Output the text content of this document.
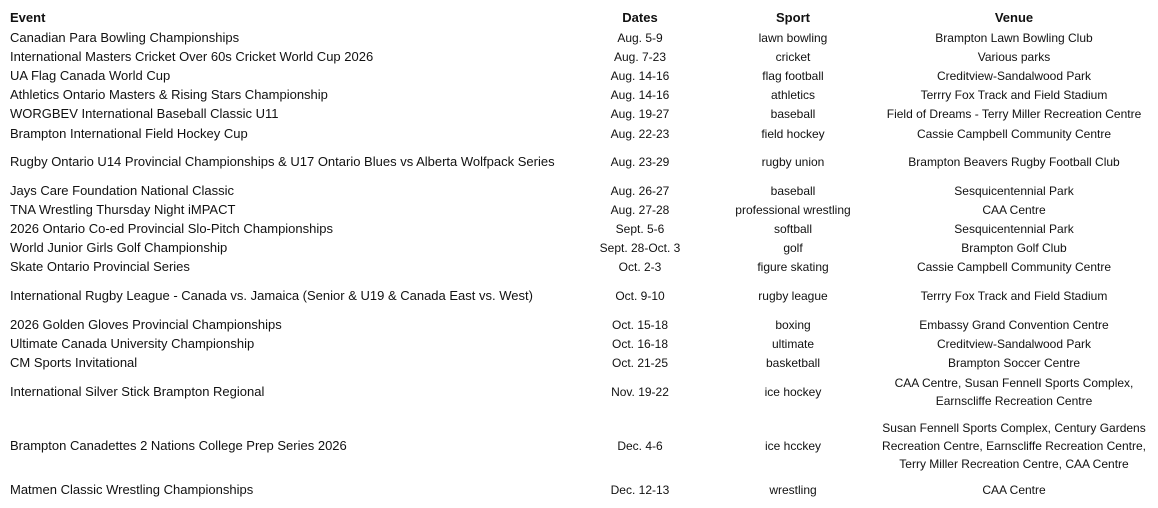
Event	Dates	Sport	Venue
Canadian Para Bowling Championships	Aug. 5-9	lawn bowling	Brampton Lawn Bowling Club
International Masters Cricket Over 60s Cricket World Cup 2026	Aug. 7-23	cricket	Various parks
UA Flag Canada World Cup	Aug. 14-16	flag football	Creditview-Sandalwood Park
Athletics Ontario Masters & Rising Stars Championship	Aug. 14-16	athletics	Terrry Fox Track and Field Stadium
WORGBEV International Baseball Classic U11	Aug. 19-27	baseball	Field of Dreams - Terry Miller Recreation Centre
Brampton International Field Hockey Cup	Aug. 22-23	field hockey	Cassie Campbell Community Centre
Rugby Ontario U14 Provincial Championships & U17 Ontario Blues vs Alberta Wolfpack Series	Aug. 23-29	rugby union	Brampton Beavers Rugby Football Club
Jays Care Foundation National Classic	Aug. 26-27	baseball	Sesquicentennial Park
TNA Wrestling Thursday Night iMPACT	Aug. 27-28	professional wrestling	CAA Centre
2026 Ontario Co-ed Provincial Slo-Pitch Championships	Sept. 5-6	softball	Sesquicentennial Park
World Junior Girls Golf Championship	Sept. 28-Oct. 3	golf	Brampton Golf Club
Skate Ontario Provincial Series	Oct. 2-3	figure skating	Cassie Campbell Community Centre
International Rugby League - Canada vs. Jamaica (Senior & U19 & Canada East vs. West)	Oct. 9-10	rugby league	Terrry Fox Track and Field Stadium
2026 Golden Gloves Provincial Championships	Oct. 15-18	boxing	Embassy Grand Convention Centre
Ultimate Canada University Championship	Oct. 16-18	ultimate	Creditview-Sandalwood Park
CM Sports Invitational	Oct. 21-25	basketball	Brampton Soccer Centre
International Silver Stick Brampton Regional	Nov. 19-22	ice hockey	CAA Centre, Susan Fennell Sports Complex,
Earnscliffe Recreation Centre

Brampton Canadettes 2 Nations College Prep Series 2026	Dec. 4-6	ice hcckey	Susan Fennell Sports Complex, Century Gardens
Recreation Centre, Earnscliffe Recreation Centre,
Terry Miller Recreation Centre, CAA Centre

Matmen Classic Wrestling Championships	Dec. 12-13	wrestling	CAA Centre
